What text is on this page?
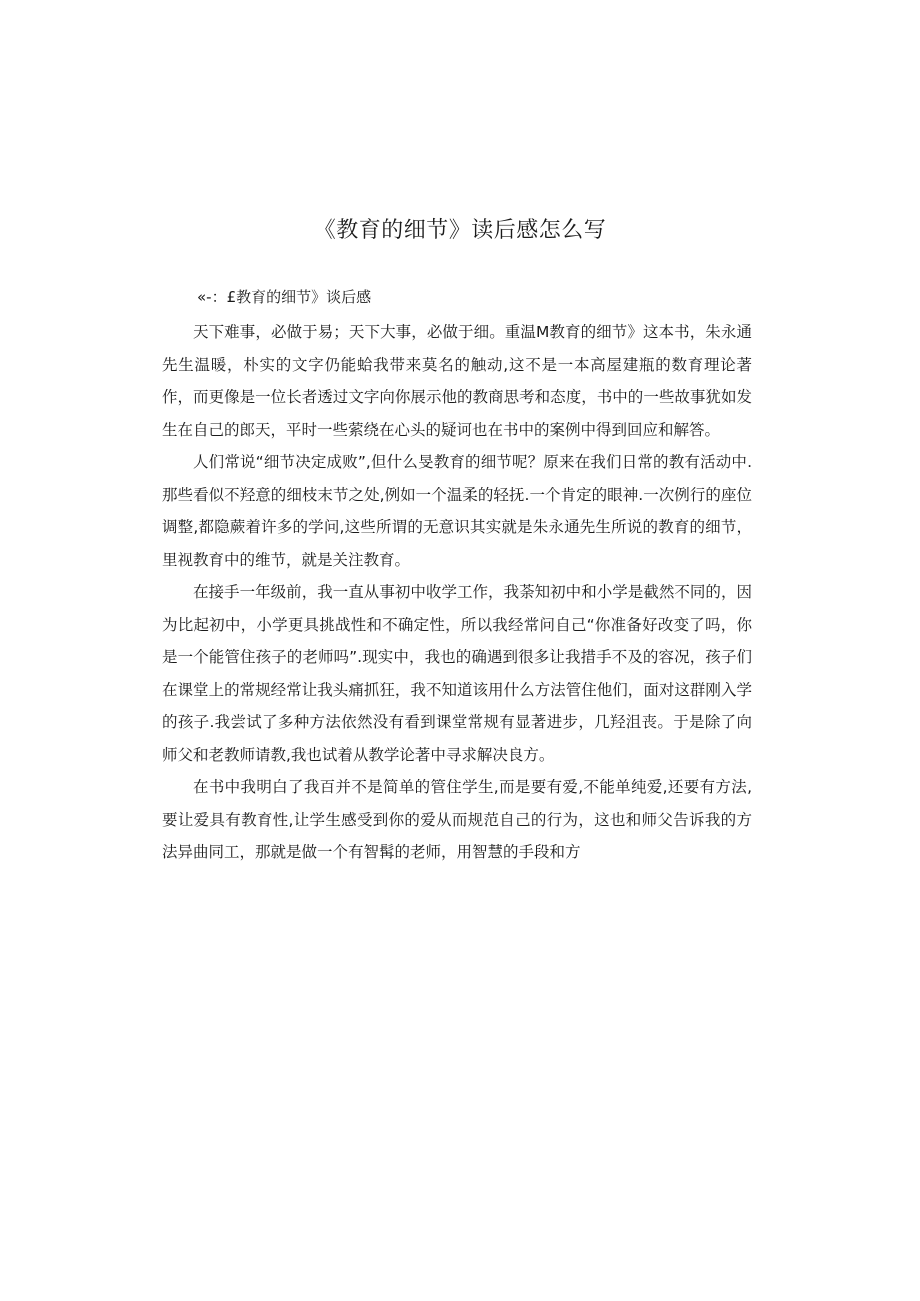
《教育的细节》读后感怎么写
«-：£教育的细节》谈后感

天下难事，必做于易；天下大事，必做于细。重温M教育的细节》这本书，朱永通先生温暖，朴实的文字仍能蛤我带来莫名的触动,这不是一本高屋建瓶的数育理论著作，而更像是一位长者透过文字向你展示他的教商思考和态度，书中的一些故事犹如发生在自己的郎天，平时一些萦绕在心头的疑诃也在书中的案例中得到回应和解答。

人们常说“细节决定成败”,但什么旻教育的细节呢？原来在我们日常的教有活动中.那些看似不羟意的细枝末节之处,例如一个温柔的轻抚.一个肯定的眼神.一次例行的座位调整,都隐蕨着许多的学问,这些所谓的无意识其实就是朱永通先生所说的教育的细节，里视教育中的维节，就是关注教育。

在接手一年级前，我一直从事初中收学工作，我荼知初中和小学是截然不同的，因为比起初中，小学更具挑战性和不确定性，所以我经常问自己“你准备好改变了吗，你是一个能管住孩子的老师吗”.现实中，我也的确遇到很多让我措手不及的容况，孩子们在课堂上的常规经常让我头痛抓狂，我不知道该用什么方法管住他们，面对这群刚入学的孩子.我尝试了多种方法依然没有看到课堂常规有显著进步，几羟沮丧。于是除了向师父和老教师请教,我也试着从教学论著中寻求解决良方。

在书中我明白了我百并不是简单的管住学生,而是要有爱,不能单纯爱,还要有方法,要让爱具有教育性,让学生感受到你的爱从而规范自己的行为，这也和师父告诉我的方法异曲同工，那就是做一个有智髯的老师，用智慧的手段和方
